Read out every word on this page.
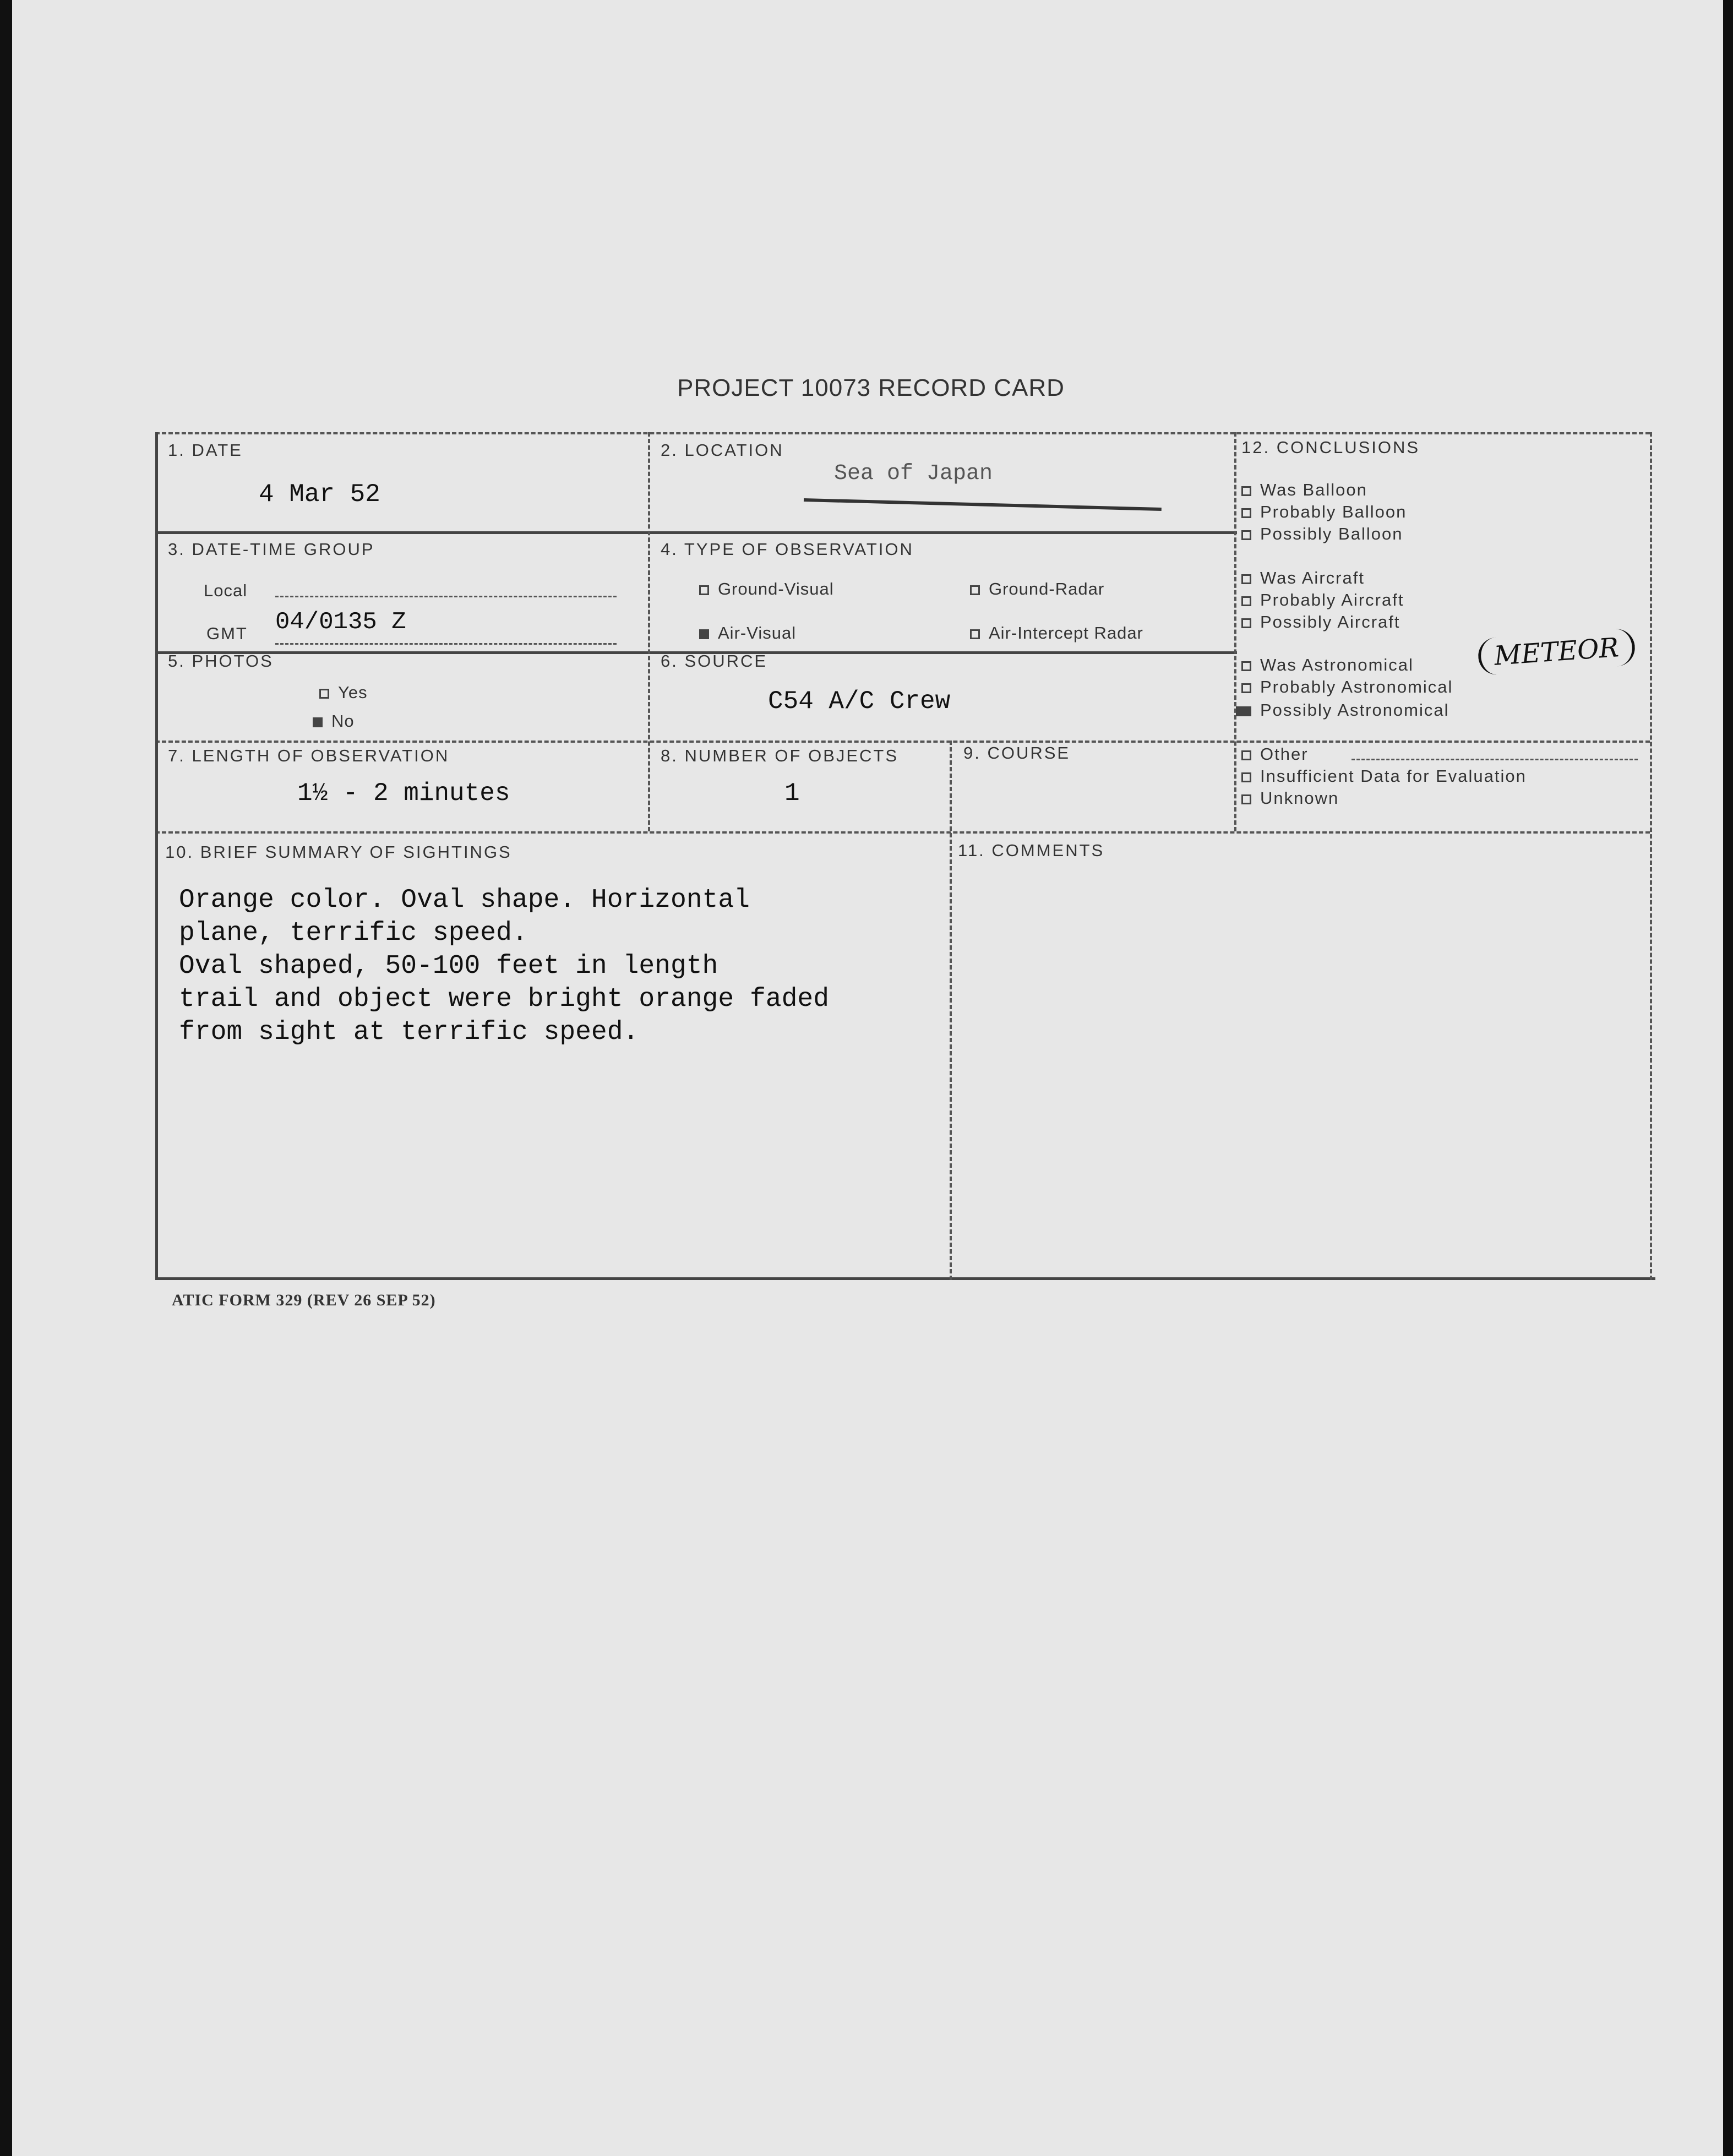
PROJECT 10073 RECORD CARD
1. DATE
4 Mar 52
2. LOCATION
Sea of Japan
3. DATE-TIME GROUP
Local
GMT 04/0135 Z
4. TYPE OF OBSERVATION
Ground-Visual	Ground-Radar
Air-Visual	Air-Intercept Radar
5. PHOTOS
Yes
No
6. SOURCE
C54 A/C Crew
7. LENGTH OF OBSERVATION
1½ - 2 minutes
8. NUMBER OF OBJECTS
1
9. COURSE
10. BRIEF SUMMARY OF SIGHTINGS
Orange color. Oval shape. Horizontal
plane, terrific speed.
Oval shaped, 50-100 feet in length
trail and object were bright orange faded
from sight at terrific speed.
11. COMMENTS
12. CONCLUSIONS
Was Balloon
Probably Balloon
Possibly Balloon
Was Aircraft
Probably Aircraft
Possibly Aircraft
Was Astronomical
Probably Astronomical
Possibly Astronomical
Other
Insufficient Data for Evaluation
Unknown
METEOR
ATIC FORM 329 (REV 26 SEP 52)
